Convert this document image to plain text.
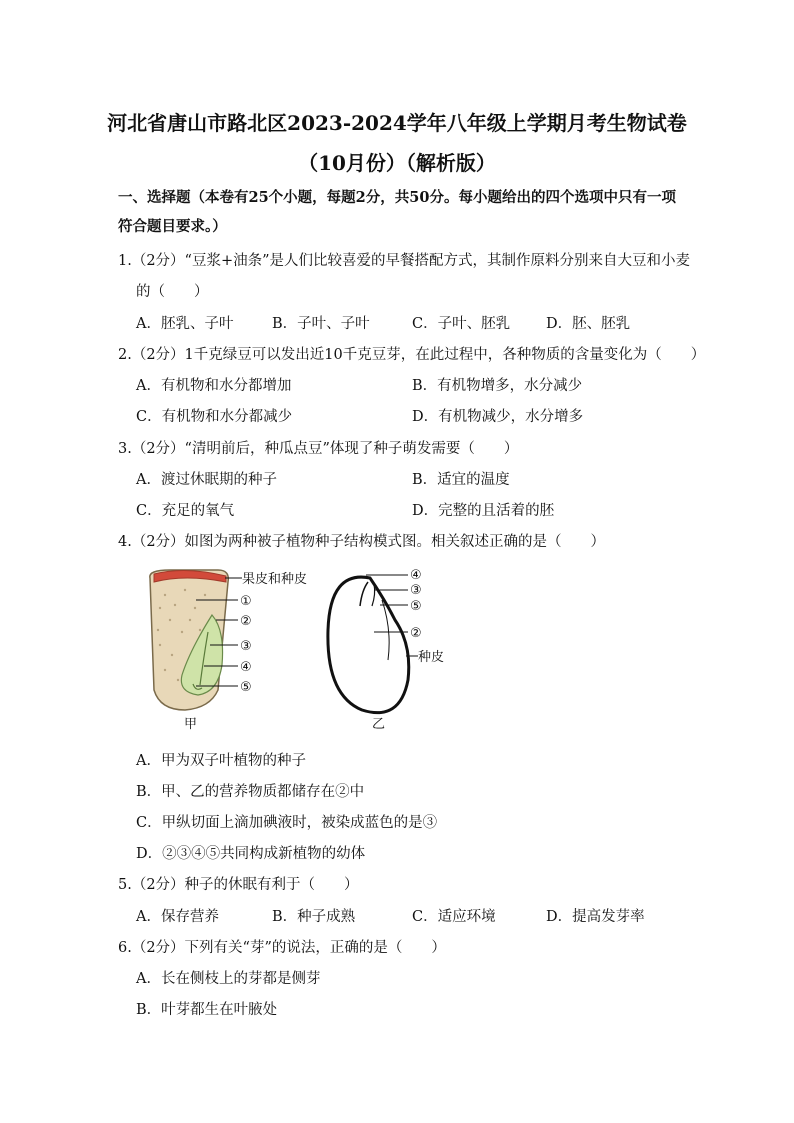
河北省唐山市路北区2023-2024学年八年级上学期月考生物试卷
（10月份）（解析版）
一、选择题（本卷有25个小题，每题2分，共50分。每小题给出的四个选项中只有一项
符合题目要求。）
1.（2分）“豆浆+油条”是人们比较喜爱的早餐搭配方式，其制作原料分别来自大豆和小麦
的（　　）
A．胚乳、子叶	B．子叶、子叶	C．子叶、胚乳 D．胚、胚乳
2.（2分）1千克绿豆可以发出近10千克豆芽，在此过程中，各种物质的含量变化为（　　）
A．有机物和水分都增加	B．有机物增多，水分减少
C．有机物和水分都减少	D．有机物减少，水分增多
3.（2分）“清明前后，种瓜点豆”体现了种子萌发需要（　　）
A．渡过休眠期的种子	B．适宜的温度
C．充足的氧气	D．完整的且活着的胚
4.（2分）如图为两种被子植物种子结构模式图。相关叙述正确的是（　　）
果皮和种皮
①
②
③
④
⑤
甲
④
③
⑤
②
种皮
乙
A．甲为双子叶植物的种子
B．甲、乙的营养物质都储存在②中
C．甲纵切面上滴加碘液时，被染成蓝色的是③
D．②③④⑤共同构成新植物的幼体
5.（2分）种子的休眠有利于（　　）
A．保存营养	B．种子成熟	C．适应环境	D．提高发芽率
6.（2分）下列有关“芽”的说法，正确的是（　　）
A．长在侧枝上的芽都是侧芽
B．叶芽都生在叶腋处
